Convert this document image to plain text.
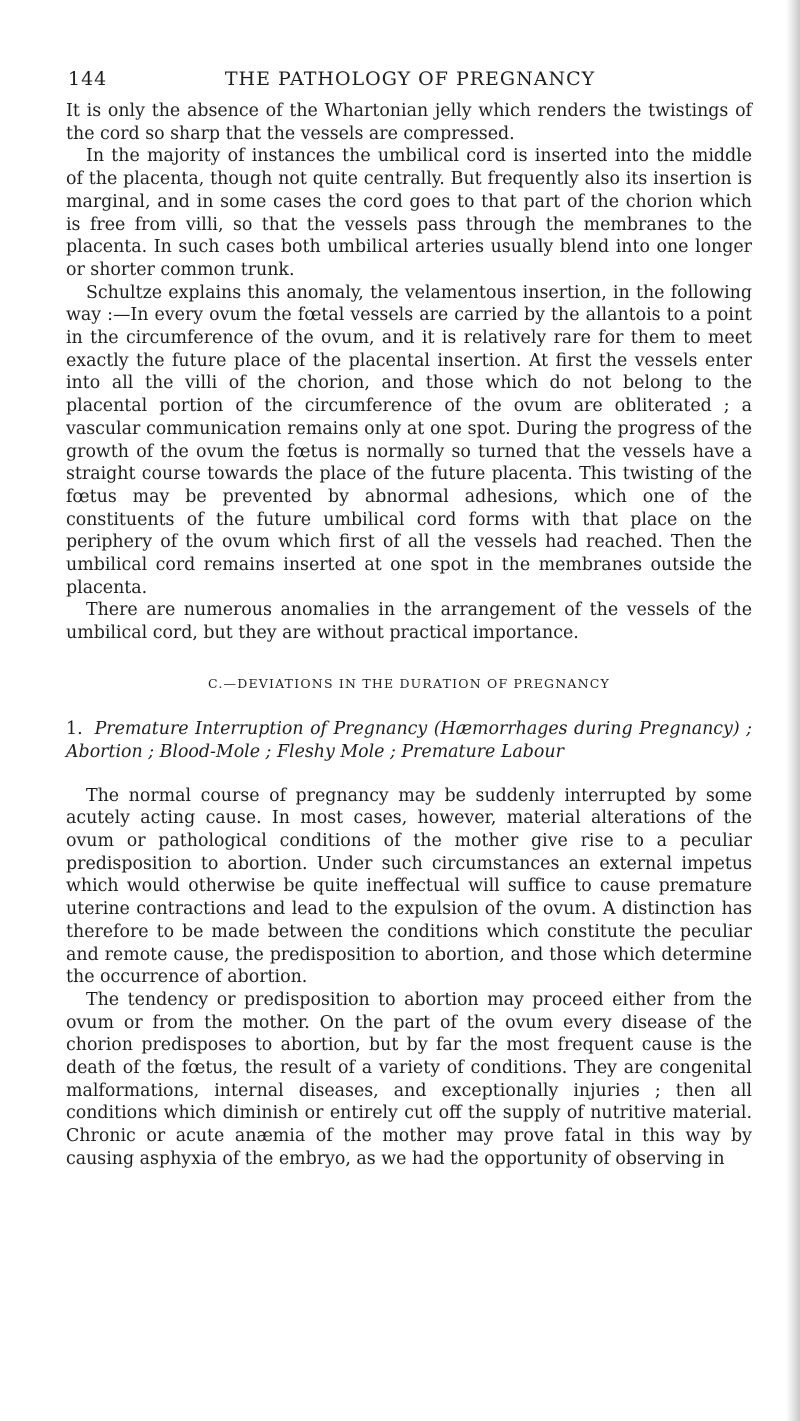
144	THE PATHOLOGY OF PREGNANCY

It is only the absence of the Whartonian jelly which renders the twistings of the cord so sharp that the vessels are compressed.

In the majority of instances the umbilical cord is inserted into the middle of the placenta, though not quite centrally. But frequently also its insertion is marginal, and in some cases the cord goes to that part of the chorion which is free from villi, so that the vessels pass through the membranes to the placenta. In such cases both umbilical arteries usually blend into one longer or shorter common trunk.

Schultze explains this anomaly, the velamentous insertion, in the following way :—In every ovum the fœtal vessels are carried by the allantois to a point in the circumference of the ovum, and it is relatively rare for them to meet exactly the future place of the placental insertion. At first the vessels enter into all the villi of the chorion, and those which do not belong to the placental portion of the circumference of the ovum are obliterated ; a vascular communication remains only at one spot. During the progress of the growth of the ovum the fœtus is normally so turned that the vessels have a straight course towards the place of the future placenta. This twisting of the fœtus may be prevented by abnormal adhesions, which one of the constituents of the future umbilical cord forms with that place on the periphery of the ovum which first of all the vessels had reached. Then the umbilical cord remains inserted at one spot in the membranes outside the placenta.

There are numerous anomalies in the arrangement of the vessels of the umbilical cord, but they are without practical importance.

C.—DEVIATIONS IN THE DURATION OF PREGNANCY
1. Premature Interruption of Pregnancy (Hæmorrhages during Pregnancy) ; Abortion ; Blood-Mole ; Fleshy Mole ; Premature Labour

The normal course of pregnancy may be suddenly interrupted by some acutely acting cause. In most cases, however, material alterations of the ovum or pathological conditions of the mother give rise to a peculiar predisposition to abortion. Under such circumstances an external impetus which would otherwise be quite ineffectual will suffice to cause premature uterine contractions and lead to the expulsion of the ovum. A distinction has therefore to be made between the conditions which constitute the peculiar and remote cause, the predisposition to abortion, and those which determine the occurrence of abortion.

The tendency or predisposition to abortion may proceed either from the ovum or from the mother. On the part of the ovum every disease of the chorion predisposes to abortion, but by far the most frequent cause is the death of the fœtus, the result of a variety of conditions. They are congenital malformations, internal diseases, and exceptionally injuries ; then all conditions which diminish or entirely cut off the supply of nutritive material. Chronic or acute anæmia of the mother may prove fatal in this way by causing asphyxia of the embryo, as we had the opportunity of observing in
